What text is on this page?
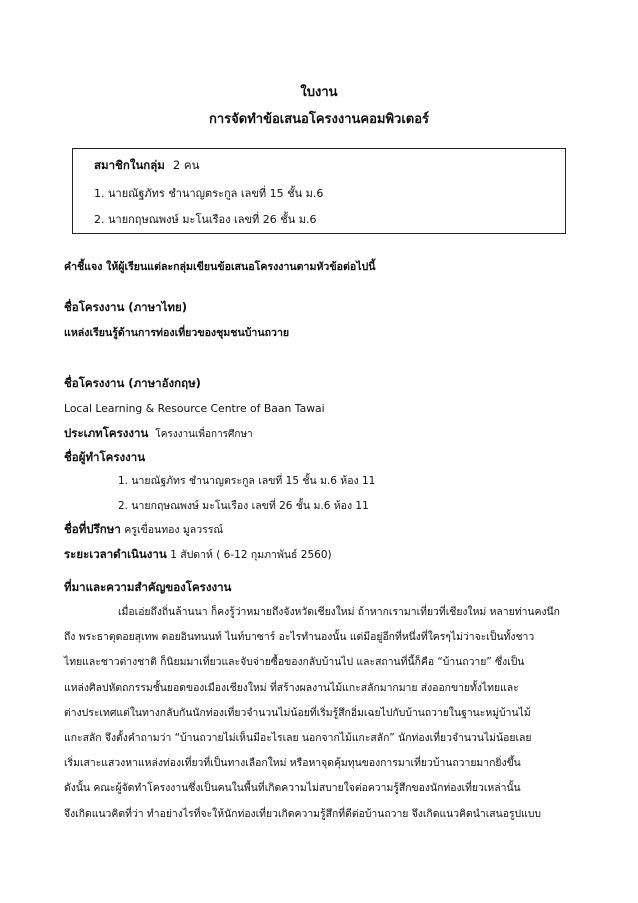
ใบงาน
การจัดทำข้อเสนอโครงงานคอมพิวเตอร์
สมาชิกในกลุ่ม 2 คน
1. นายณัฐภัทร ชำนาญตระกูล เลขที่ 15 ชั้น ม.6
2. นายกฤษณพงษ์ มะโนเรือง เลขที่ 26 ชั้น ม.6
คำชี้แจง ให้ผู้เรียนแต่ละกลุ่มเขียนข้อเสนอโครงงานตามหัวข้อต่อไปนี้
ชื่อโครงงาน (ภาษาไทย)
แหล่งเรียนรู้ด้านการท่องเที่ยวของชุมชนบ้านถวาย
ชื่อโครงงาน (ภาษาอังกฤษ)
Local Learning & Resource Centre of Baan Tawai
ประเภทโครงงาน โครงงานเพื่อการศึกษา
ชื่อผู้ทำโครงงาน
1. นายณัฐภัทร ชำนาญตระกูล เลขที่ 15 ชั้น ม.6 ห้อง 11
2. นายกฤษณพงษ์ มะโนเรือง เลขที่ 26 ชั้น ม.6 ห้อง 11
ชื่อที่ปรึกษา ครูเขื่อนทอง มูลวรรณ์
ระยะเวลาดำเนินงาน 1 สัปดาห์ ( 6-12 กุมภาพันธ์ 2560)
ที่มาและความสำคัญของโครงงาน

เมื่อเอ่ยถึงถิ่นล้านนา ก็คงรู้ว่าหมายถึงจังหวัดเชียงใหม่ ถ้าหากเรามาเที่ยวที่เชียงใหม่ หลายท่านคงนึก

ถึง พระธาตุดอยสุเทพ ดอยอินทนนท์ ไนท์บาซาร์ อะไรทำนองนั้น แต่มีอยู่อีกที่หนึ่งที่ใครๆไม่ว่าจะเป็นทั้งชาว

ไทยและชาวต่างชาติ ก็นิยมมาเที่ยวและจับจ่ายซื้อของกลับบ้านไป และสถานที่นี้ก็คือ “บ้านถวาย” ซึ่งเป็น

แหล่งศิลปหัตถกรรมชั้นยอดของเมืองเชียงใหม่ ที่สร้างผลงานไม้แกะสลักมากมาย ส่งออกขายทั้งไทยและ

ต่างประเทศแต่ในทางกลับกันนักท่องเที่ยวจำนวนไม่น้อยที่เริ่มรู้สึกอิ่มเฉยไปกับบ้านถวายในฐานะหมู่บ้านไม้

แกะสลัก จึงตั้งคำถามว่า “บ้านถวายไม่เห็นมีอะไรเลย นอกจากไม้แกะสลัก” นักท่องเที่ยวจำนวนไม่น้อยเลย

เริ่มเสาะแสวงหาแหล่งท่องเที่ยวที่เป็นทางเลือกใหม่ หรือหาจุดคุ้มทุนของการมาเที่ยวบ้านถวายมากยิ่งขึ้น

ดังนั้น คณะผู้จัดทำโครงงานซึ่งเป็นคนในพื้นที่เกิดความไม่สบายใจต่อความรู้สึกของนักท่องเที่ยวเหล่านั้น

จึงเกิดแนวคิดที่ว่า ทำอย่างไรที่จะให้นักท่องเที่ยวเกิดความรู้สึกที่ดีต่อบ้านถวาย จึงเกิดแนวคิดนำเสนอรูปแบบ
